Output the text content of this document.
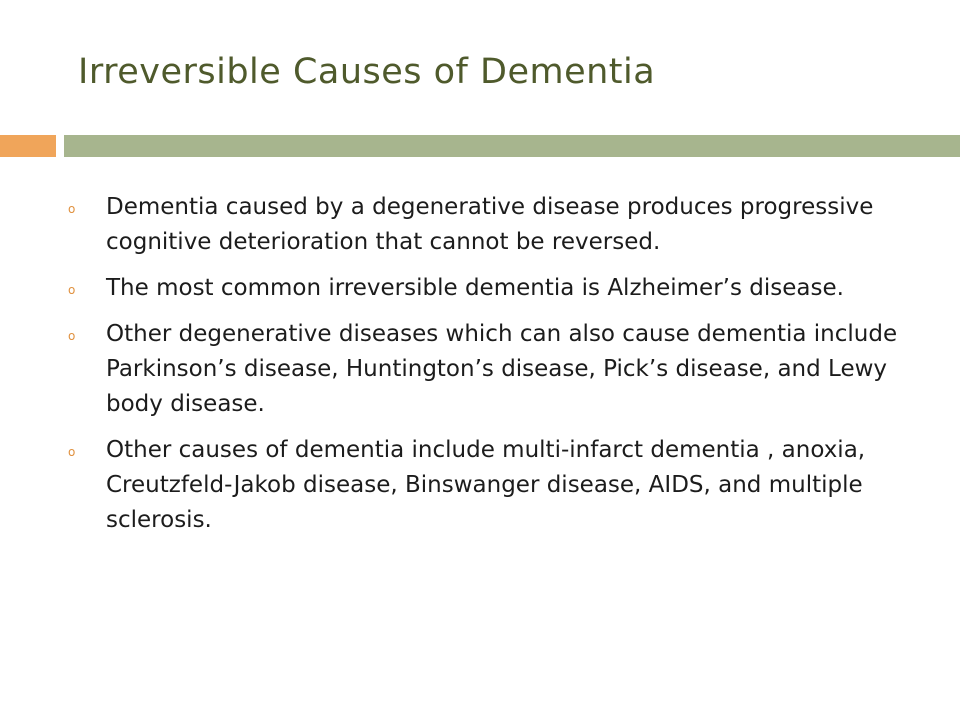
Irreversible Causes of Dementia
o Dementia caused by a degenerative disease produces progressive cognitive deterioration that cannot be reversed.
o The most common irreversible dementia is Alzheimer’s disease.
o Other degenerative diseases which can also cause dementia include Parkinson’s disease, Huntington’s disease, Pick’s disease, and Lewy body disease.
o Other causes of dementia include multi-infarct dementia , anoxia, Creutzfeld-Jakob disease, Binswanger disease, AIDS, and multiple sclerosis.
